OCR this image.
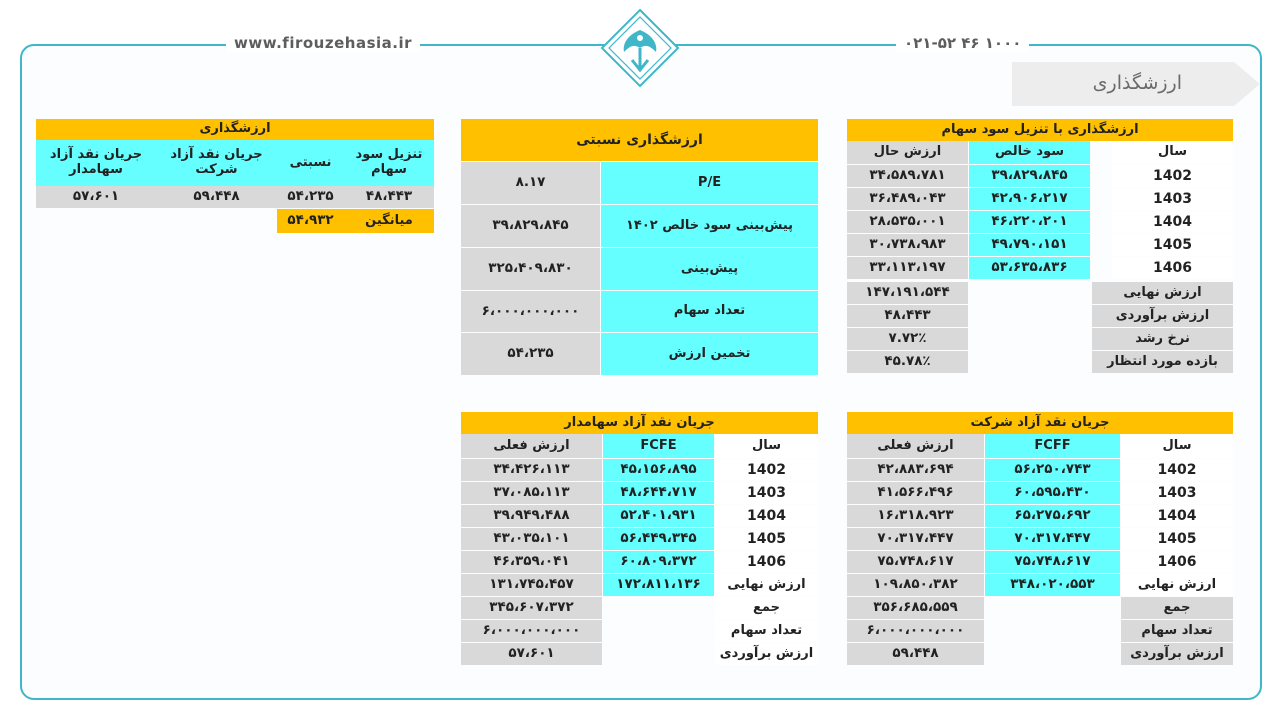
www.firouzehasia.ir	۰۲۱-۵۲ ۴۶ ۱۰۰۰
ارزشگذاری
ارزشگذاری
تنزیل سود سهام
نسبتی
جریان نقد آزاد شرکت
جریان نقد آزاد سهامدار
۴۸،۴۴۳
۵۴،۲۳۵
۵۹،۴۴۸
۵۷،۶۰۱
میانگین
۵۴،۹۳۲
ارزشگذاری نسبتی
P/E
۸.۱۷
پیش‌بینی سود خالص ۱۴۰۲
۳۹،۸۲۹،۸۴۵
پیش‌بینی
۳۲۵،۴۰۹،۸۳۰
تعداد سهام
۶،۰۰۰،۰۰۰،۰۰۰
تخمین ارزش
۵۴،۲۳۵
ارزشگذاری با تنزیل سود سهام
سال
سود خالص
ارزش حال
1402
۳۹،۸۲۹،۸۴۵
۳۴،۵۸۹،۷۸۱
1403
۴۲،۹۰۶،۲۱۷
۳۶،۴۸۹،۰۴۳
1404
۴۶،۲۲۰،۲۰۱
۲۸،۵۳۵،۰۰۱
1405
۴۹،۷۹۰،۱۵۱
۳۰،۷۳۸،۹۸۳
1406
۵۳،۶۳۵،۸۳۶
۳۳،۱۱۳،۱۹۷
ارزش نهایی
۱۴۷،۱۹۱،۵۴۴
ارزش برآوردی
۴۸،۴۴۳
نرخ رشد
۷.۷۲٪
بازده مورد انتظار
۴۵.۷۸٪
جریان نقد آزاد سهامدار
سال
FCFE
ارزش فعلی
1402
۴۵،۱۵۶،۸۹۵
۳۴،۴۲۶،۱۱۳
1403
۴۸،۶۴۴،۷۱۷
۳۷،۰۸۵،۱۱۳
1404
۵۲،۴۰۱،۹۳۱
۳۹،۹۴۹،۴۸۸
1405
۵۶،۴۴۹،۳۴۵
۴۳،۰۳۵،۱۰۱
1406
۶۰،۸۰۹،۳۷۲
۴۶،۳۵۹،۰۴۱
ارزش نهایی
۱۷۲،۸۱۱،۱۳۶
۱۳۱،۷۴۵،۴۵۷
جمع
۳۴۵،۶۰۷،۳۷۲
تعداد سهام
۶،۰۰۰،۰۰۰،۰۰۰
ارزش برآوردی
۵۷،۶۰۱
جریان نقد آزاد شرکت
سال
FCFF
ارزش فعلی
1402
۵۶،۲۵۰،۷۴۳
۴۲،۸۸۳،۶۹۴
1403
۶۰،۵۹۵،۴۳۰
۴۱،۵۶۶،۴۹۶
1404
۶۵،۲۷۵،۶۹۲
۱۶،۳۱۸،۹۲۳
1405
۷۰،۳۱۷،۴۴۷
۷۰،۳۱۷،۴۴۷
1406
۷۵،۷۴۸،۶۱۷
۷۵،۷۴۸،۶۱۷
ارزش نهایی
۳۴۸،۰۲۰،۵۵۳
۱۰۹،۸۵۰،۳۸۲
جمع
۳۵۶،۶۸۵،۵۵۹
تعداد سهام
۶،۰۰۰،۰۰۰،۰۰۰
ارزش برآوردی
۵۹،۴۴۸
